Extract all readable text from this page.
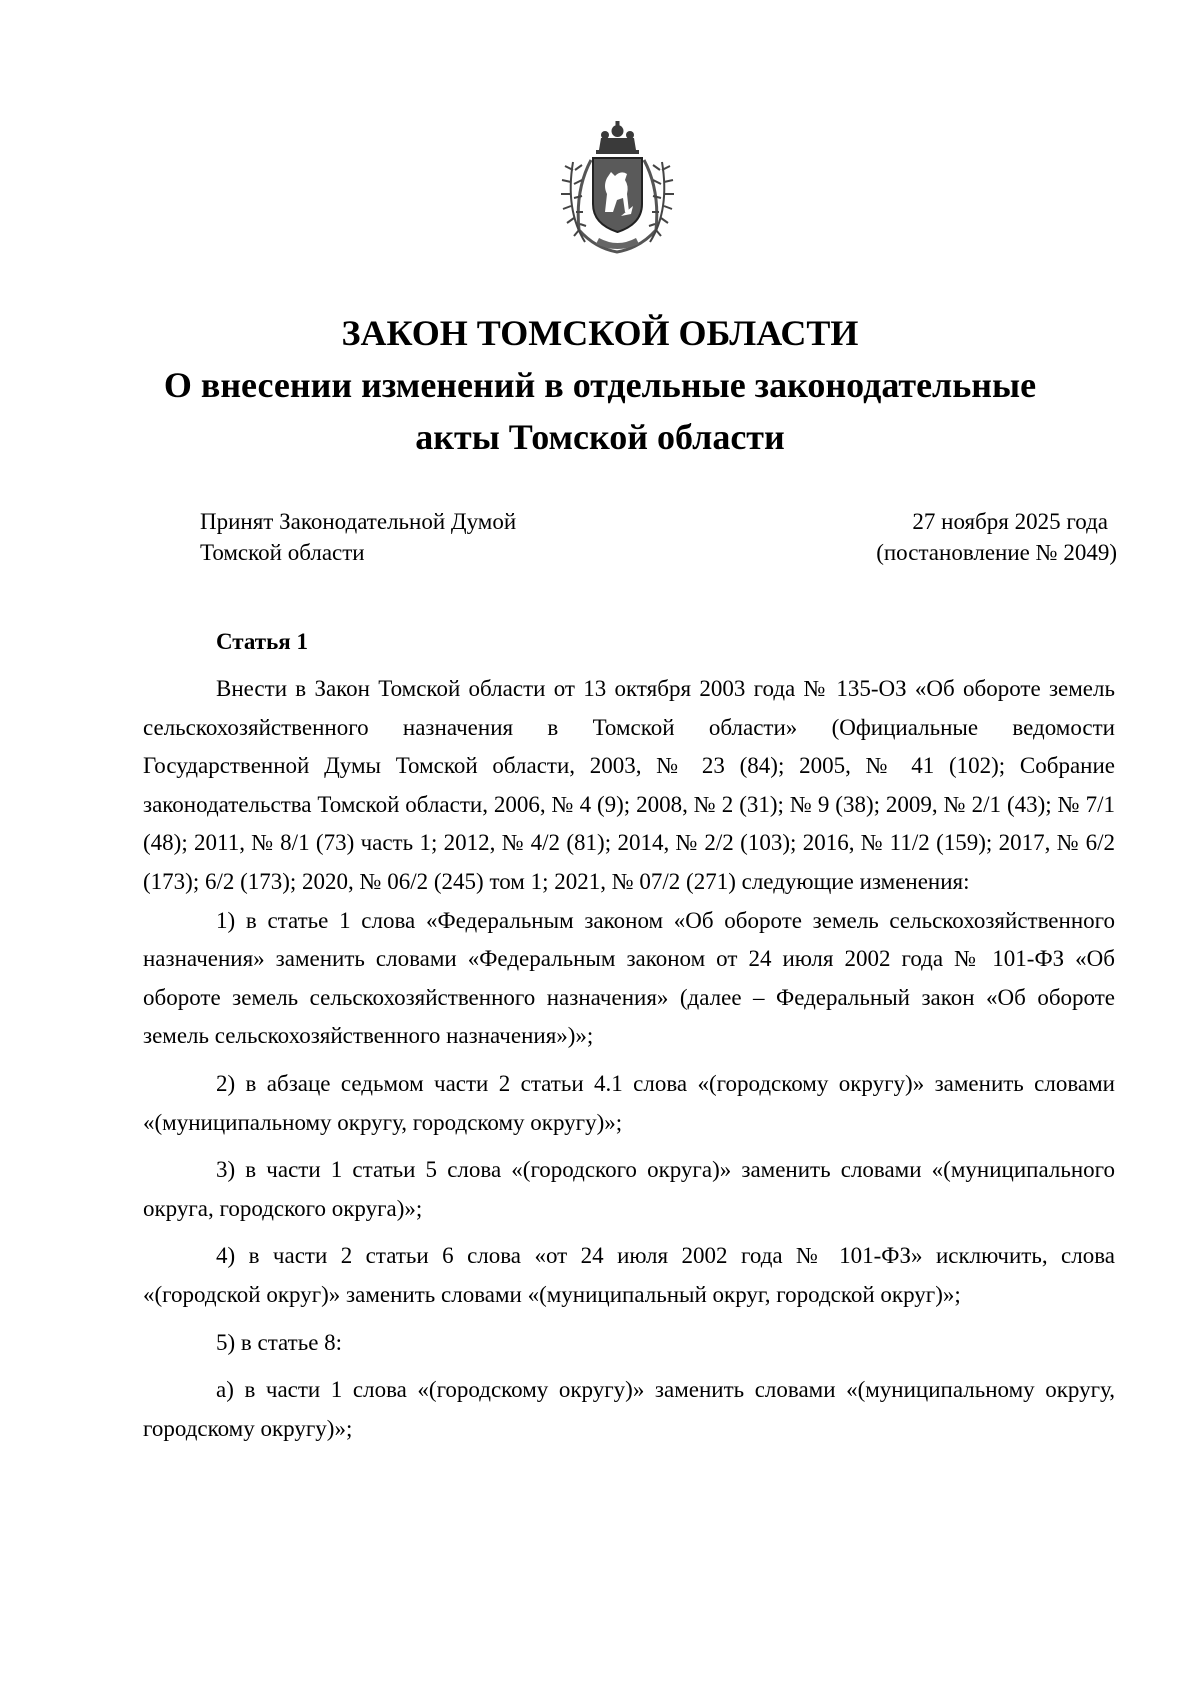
ЗАКОН ТОМСКОЙ ОБЛАСТИ
О внесении изменений в отдельные законодательные
акты Томской области
Принят Законодательной Думой
Томской области
27 ноября 2025 года
(постановление № 2049)
Статья 1

Внести в Закон Томской области от 13 октября 2003 года № 135-ОЗ «Об обороте земель сельскохозяйственного назначения в Томской области» (Официальные ведомости Государственной Думы Томской области, 2003, № 23 (84); 2005, № 41 (102); Собрание законодательства Томской области, 2006, № 4 (9); 2008, № 2 (31); № 9 (38); 2009, № 2/1 (43); № 7/1 (48); 2011, № 8/1 (73) часть 1; 2012, № 4/2 (81); 2014, № 2/2 (103); 2016, № 11/2 (159); 2017, № 6/2 (173); 6/2 (173); 2020, № 06/2 (245) том 1; 2021, № 07/2 (271) следующие изменения:

1) в статье 1 слова «Федеральным законом «Об обороте земель сельскохозяйственного назначения» заменить словами «Федеральным законом от 24 июля 2002 года № 101-ФЗ «Об обороте земель сельскохозяйственного назначения» (далее – Федеральный закон «Об обороте земель сельскохозяйственного назначения»)»;

2) в абзаце седьмом части 2 статьи 4.1 слова «(городскому округу)» заменить словами «(муниципальному округу, городскому округу)»;

3) в части 1 статьи 5 слова «(городского округа)» заменить словами «(муниципального округа, городского округа)»;

4) в части 2 статьи 6 слова «от 24 июля 2002 года № 101-ФЗ» исключить, слова «(городской округ)» заменить словами «(муниципальный округ, городской округ)»;

5) в статье 8:

а) в части 1 слова «(городскому округу)» заменить словами «(муниципальному округу, городскому округу)»;
